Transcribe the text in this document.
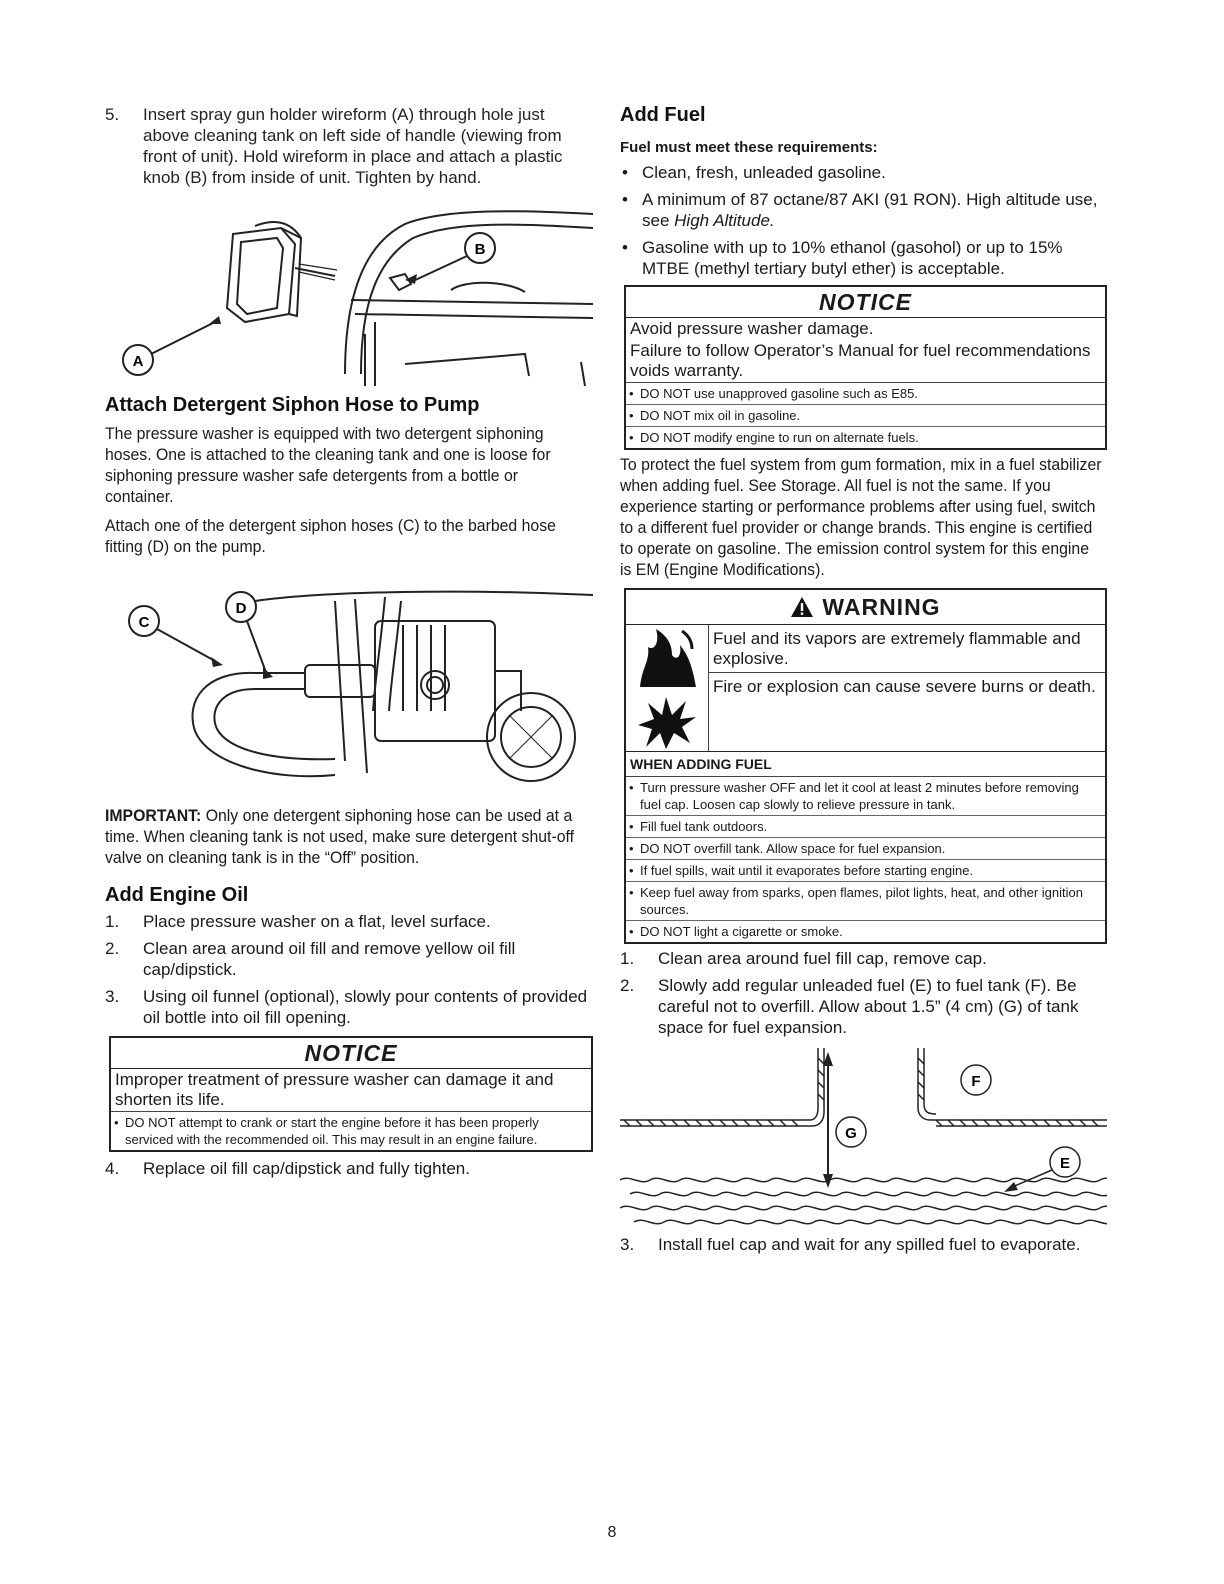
5.	Insert spray gun holder wireform (A) through hole just above cleaning tank on left side of handle (viewing from front of unit). Hold wireform in place and attach a plastic knob (B) from inside of unit. Tighten by hand.
B
A
Attach Detergent Siphon Hose to Pump

The pressure washer is equipped with two detergent siphoning hoses. One is attached to the cleaning tank and one is loose for siphoning pressure washer safe detergents from a bottle or container.

Attach one of the detergent siphon hoses (C) to the barbed hose fitting (D) on the pump.

D
C

IMPORTANT: Only one detergent siphoning hose can be used at a time. When cleaning tank is not used, make sure detergent shut-off valve on cleaning tank is in the “Off” position.

Add Engine Oil
1.	Place pressure washer on a flat, level surface.
2.	Clean area around oil fill and remove yellow oil fill cap/dipstick.
3.	Using oil funnel (optional), slowly pour contents of provided oil bottle into oil fill opening.
NOTICE
Improper treatment of pressure washer can damage it and shorten its life.
• DO NOT attempt to crank or start the engine before it has been properly serviced with the recommended oil. This may result in an engine failure.
4.	Replace oil fill cap/dipstick and fully tighten.
Add Fuel
Fuel must meet these requirements:
• Clean, fresh, unleaded gasoline.
• A minimum of 87 octane/87 AKI (91 RON). High altitude use, see High Altitude.
• Gasoline with up to 10% ethanol (gasohol) or up to 15% MTBE (methyl tertiary butyl ether) is acceptable.
NOTICE
Avoid pressure washer damage.
Failure to follow Operator’s Manual for fuel recommendations voids warranty.
• DO NOT use unapproved gasoline such as E85.
• DO NOT mix oil in gasoline.
• DO NOT modify engine to run on alternate fuels.

To protect the fuel system from gum formation, mix in a fuel stabilizer when adding fuel. See Storage. All fuel is not the same. If you experience starting or performance problems after using fuel, switch to a different fuel provider or change brands. This engine is certified to operate on gasoline. The emission control system for this engine is EM (Engine Modifications).

WARNING
Fuel and its vapors are extremely flammable and explosive.
Fire or explosion can cause severe burns or death.
WHEN ADDING FUEL
• Turn pressure washer OFF and let it cool at least 2 minutes before removing fuel cap. Loosen cap slowly to relieve pressure in tank.
• Fill fuel tank outdoors.
• DO NOT overfill tank. Allow space for fuel expansion.
• If fuel spills, wait until it evaporates before starting engine.
• Keep fuel away from sparks, open flames, pilot lights, heat, and other ignition sources.
• DO NOT light a cigarette or smoke.
1.	Clean area around fuel fill cap, remove cap.
2.	Slowly add regular unleaded fuel (E) to fuel tank (F). Be careful not to overfill. Allow about 1.5” (4 cm) (G) of tank space for fuel expansion.
G
F
E
3.	Install fuel cap and wait for any spilled fuel to evaporate.
8
